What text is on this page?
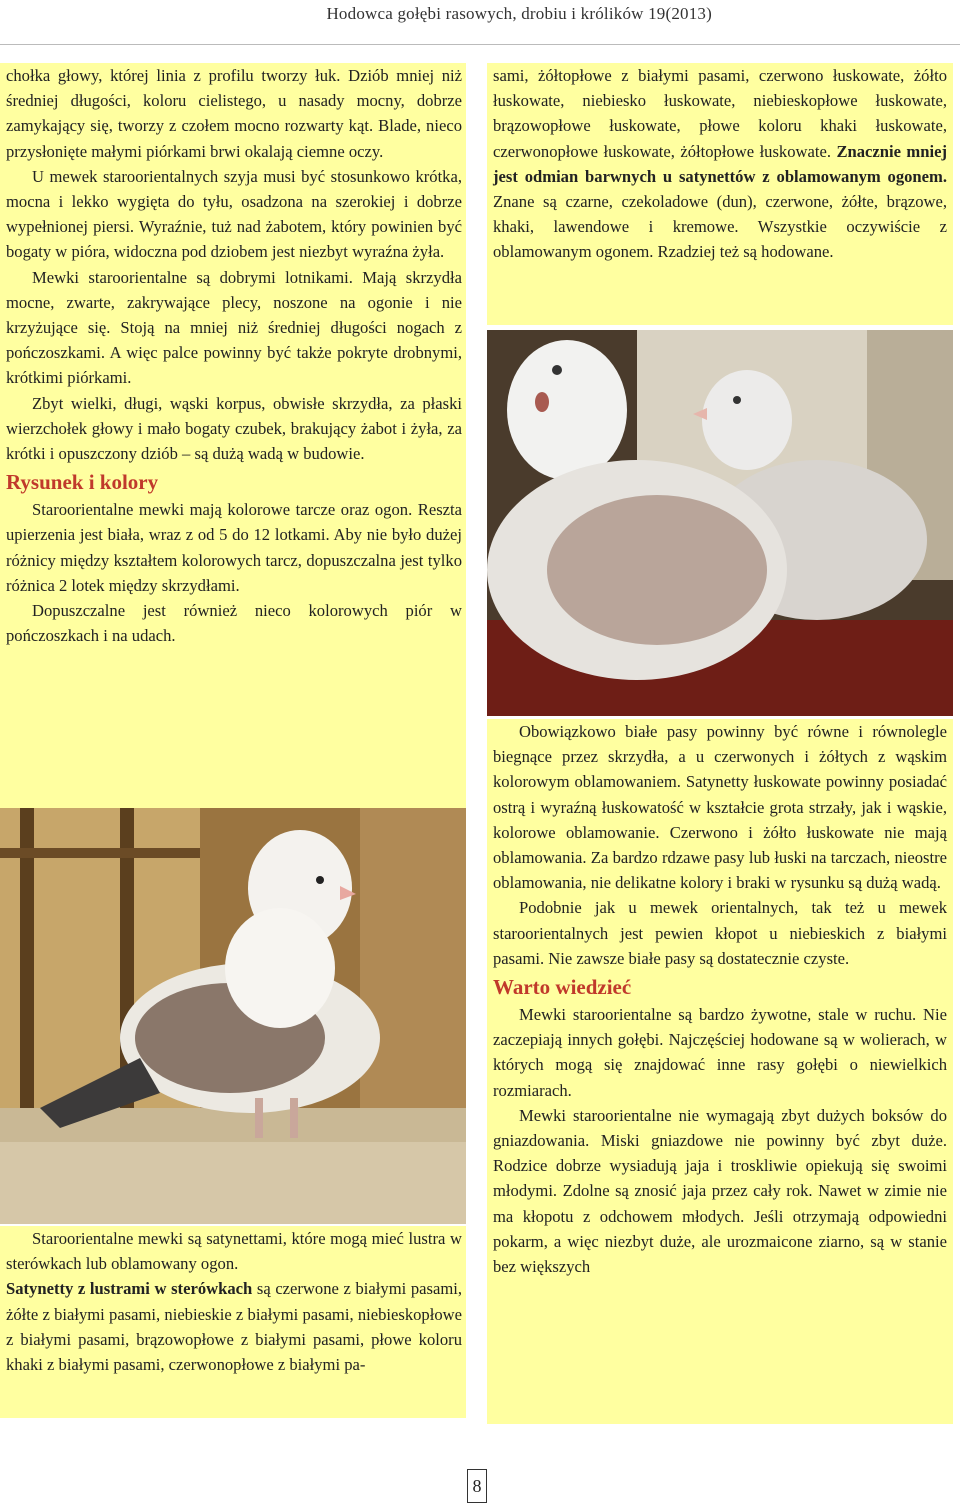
Hodowca gołębi rasowych, drobiu i królików 19(2013)

chołka głowy, której linia z profilu tworzy łuk. Dziób mniej niż średniej długości, koloru cielistego, u nasady mocny, dobrze zamykający się, tworzy z czołem mocno rozwarty kąt. Blade, nieco przysłonięte małymi piórkami brwi okalają ciemne oczy.

U mewek staroorientalnych szyja musi być stosunkowo krótka, mocna i lekko wygięta do tyłu, osadzona na szerokiej i dobrze wypełnionej piersi. Wyraźnie, tuż nad żabotem, który powinien być bogaty w pióra, widoczna pod dziobem jest niezbyt wyraźna żyła.

Mewki staroorientalne są dobrymi lotnikami. Mają skrzydła mocne, zwarte, zakrywające plecy, noszone na ogonie i nie krzyżujące się. Stoją na mniej niż średniej długości nogach z pończoszkami. A więc palce powinny być także pokryte drobnymi, krótkimi piórkami.

Zbyt wielki, długi, wąski korpus, obwisłe skrzydła, za płaski wierzchołek głowy i mało bogaty czubek, brakujący żabot i żyła, za krótki i opuszczony dziób – są dużą wadą w budowie.

Rysunek i kolory

Staroorientalne mewki mają kolorowe tarcze oraz ogon. Reszta upierzenia jest biała, wraz z od 5 do 12 lotkami. Aby nie było dużej różnicy między kształtem kolorowych tarcz, dopuszczalna jest tylko różnica 2 lotek między skrzydłami.

Dopuszczalne jest również nieco kolorowych piór w pończoszkach i na udach.

Staroorientalne mewki są satynettami, które mogą mieć lustra w sterówkach lub oblamowany ogon.

Satynetty z lustrami w sterówkach są czerwone z białymi pasami, żółte z białymi pasami, niebieskie z białymi pasami, niebieskopłowe z białymi pasami, brązowopłowe z białymi pasami, płowe koloru khaki z białymi pasami, czerwonopłowe z białymi pa-

sami, żółtopłowe z białymi pasami, czerwono łuskowate, żółto łuskowate, niebiesko łuskowate, niebieskopłowe łuskowate, brązowopłowe łuskowate, płowe koloru khaki łuskowate, czerwonopłowe łuskowate, żółtopłowe łuskowate. Znacznie mniej jest odmian barwnych u satynettów z oblamowanym ogonem. Znane są czarne, czekoladowe (dun), czerwone, żółte, brązowe, khaki, lawendowe i kremowe. Wszystkie oczywiście z oblamowanym ogonem. Rzadziej też są hodowane.

Obowiązkowo białe pasy powinny być równe i równolegle biegnące przez skrzydła, a u czerwonych i żółtych z wąskim kolorowym oblamowaniem. Satynetty łuskowate powinny posiadać ostrą i wyraźną łuskowatość w kształcie grota strzały, jak i wąskie, kolorowe oblamowanie. Czerwono i żółto łuskowate nie mają oblamowania. Za bardzo rdzawe pasy lub łuski na tarczach, nieostre oblamowania, nie delikatne kolory i braki w rysunku są dużą wadą.

Podobnie jak u mewek orientalnych, tak też u mewek staroorientalnych jest pewien kłopot u niebieskich z białymi pasami. Nie zawsze białe pasy są dostatecznie czyste.

Warto wiedzieć

Mewki staroorientalne są bardzo żywotne, stale w ruchu. Nie zaczepiają innych gołębi. Najczęściej hodowane są w wolierach, w których mogą się znajdować inne rasy gołębi o niewielkich rozmiarach.

Mewki staroorientalne nie wymagają zbyt dużych boksów do gniazdowania. Miski gniazdowe nie powinny być zbyt duże. Rodzice dobrze wysiadują jaja i troskliwie opiekują się swoimi młodymi. Zdolne są znosić jaja przez cały rok. Nawet w zimie nie ma kłopotu z odchowem młodych. Jeśli otrzymają odpowiedni pokarm, a więc niezbyt duże, ale urozmaicone ziarno, są w stanie bez większych

8
